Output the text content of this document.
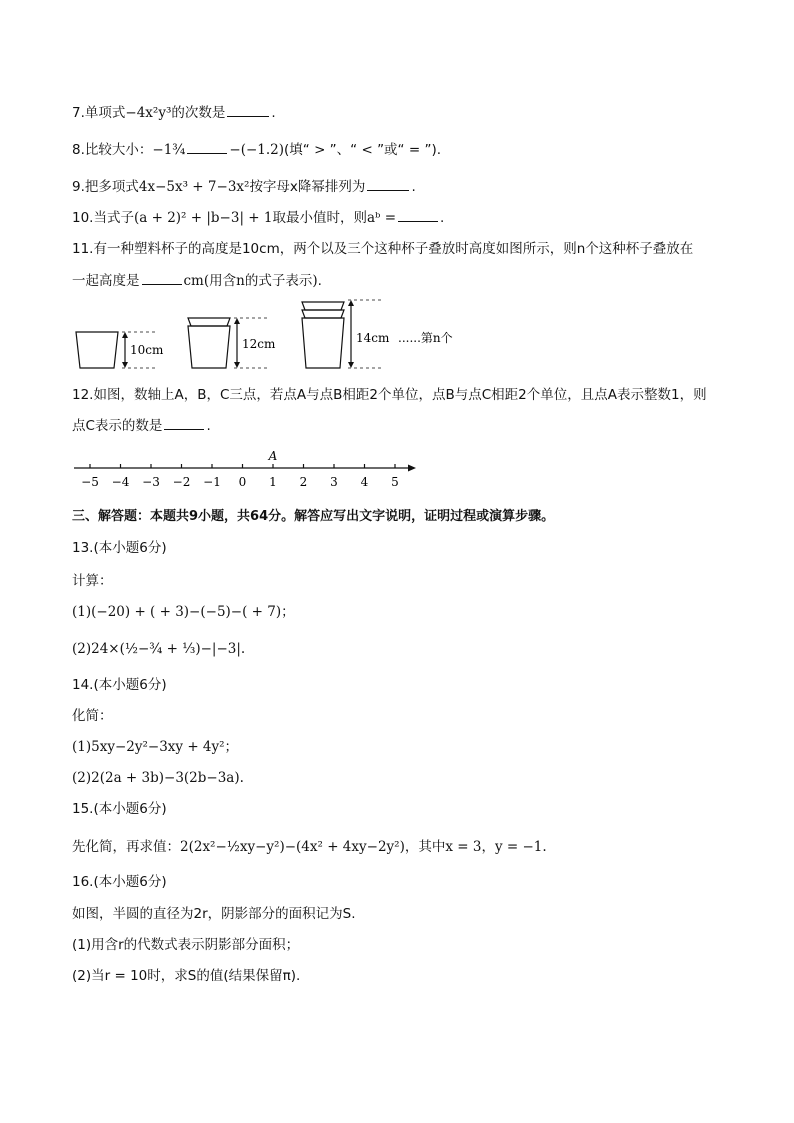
7.单项式−4x²y³的次数是	.
8.比较大小：−1¾	−(−1.2)(填“ > ”、“ < ”或“ = ”).
9.把多项式4x−5x³ + 7−3x²按字母x降幂排列为	.
10.当式子(a + 2)² + |b−3| + 1取最小值时，则aᵇ =	.
11.有一种塑料杯子的高度是10cm，两个以及三个这种杯子叠放时高度如图所示，则n个这种杯子叠放在
一起高度是	cm(用含n的式子表示).
10cm	12cm	14cm ......第n个
12.如图，数轴上A，B，C三点，若点A与点B相距2个单位，点B与点C相距2个单位，且点A表示整数1，则
点C表示的数是	.
−5 −4 −3 −2 −1 0 1 2 3 4 5
A
三、解答题：本题共9小题，共64分。解答应写出文字说明，证明过程或演算步骤。
13.(本小题6分)
计算：
(1)(−20) + ( + 3)−(−5)−( + 7)；
(2)24×(½−¾ + ⅓)−|−3|.
14.(本小题6分)
化简：
(1)5xy−2y²−3xy + 4y²；
(2)2(2a + 3b)−3(2b−3a).
15.(本小题6分)
先化简，再求值：2(2x²−½xy−y²)−(4x² + 4xy−2y²)，其中x = 3，y = −1.
16.(本小题6分)
如图，半圆的直径为2r，阴影部分的面积记为S.
(1)用含r的代数式表示阴影部分面积；
(2)当r = 10时，求S的值(结果保留π).
